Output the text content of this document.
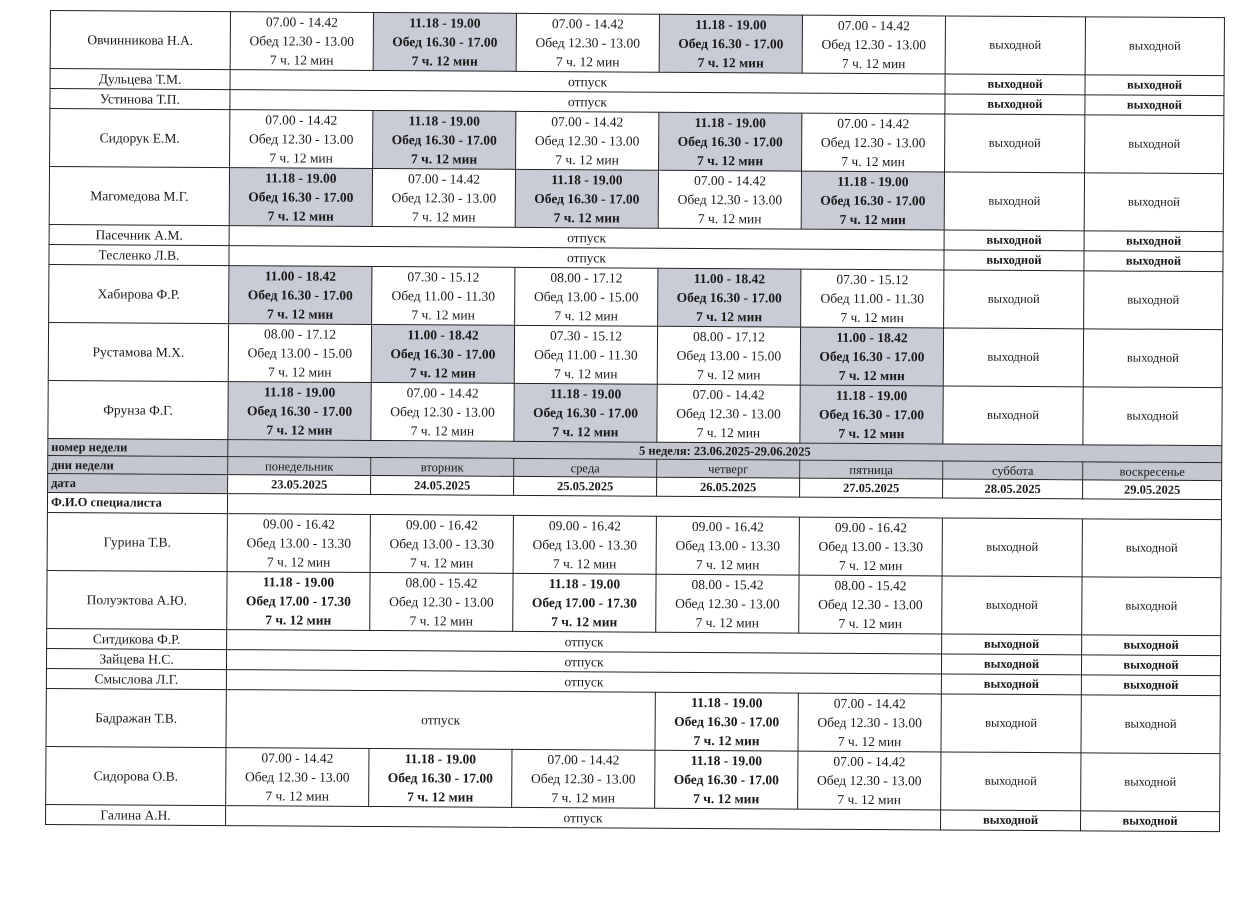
Овчинникова Н.А.	07.00 - 14.42
Обед 12.30 - 13.00
7 ч. 12 мин	11.18 - 19.00
Обед 16.30 - 17.00
7 ч. 12 мин	07.00 - 14.42
Обед 12.30 - 13.00
7 ч. 12 мин	11.18 - 19.00
Обед 16.30 - 17.00
7 ч. 12 мин	07.00 - 14.42
Обед 12.30 - 13.00
7 ч. 12 мин	выходной	выходной
Дульцева Т.М.	отпуск					выходной	выходной
Устинова Т.П.	отпуск					выходной	выходной
Сидорук Е.М.	07.00 - 14.42
Обед 12.30 - 13.00
7 ч. 12 мин	11.18 - 19.00
Обед 16.30 - 17.00
7 ч. 12 мин	07.00 - 14.42
Обед 12.30 - 13.00
7 ч. 12 мин	11.18 - 19.00
Обед 16.30 - 17.00
7 ч. 12 мин	07.00 - 14.42
Обед 12.30 - 13.00
7 ч. 12 мин	выходной	выходной
Магомедова М.Г.	11.18 - 19.00
Обед 16.30 - 17.00
7 ч. 12 мин	07.00 - 14.42
Обед 12.30 - 13.00
7 ч. 12 мин	11.18 - 19.00
Обед 16.30 - 17.00
7 ч. 12 мин	07.00 - 14.42
Обед 12.30 - 13.00
7 ч. 12 мин	11.18 - 19.00
Обед 16.30 - 17.00
7 ч. 12 мин	выходной	выходной
Пасечник А.М.	отпуск					выходной	выходной
Тесленко Л.В.	отпуск					выходной	выходной
Хабирова Ф.Р.	11.00 - 18.42
Обед 16.30 - 17.00
7 ч. 12 мин	07.30 - 15.12
Обед 11.00 - 11.30
7 ч. 12 мин	08.00 - 17.12
Обед 13.00 - 15.00
7 ч. 12 мин	11.00 - 18.42
Обед 16.30 - 17.00
7 ч. 12 мин	07.30 - 15.12
Обед 11.00 - 11.30
7 ч. 12 мин	выходной	выходной
Рустамова М.Х.	08.00 - 17.12
Обед 13.00 - 15.00
7 ч. 12 мин	11.00 - 18.42
Обед 16.30 - 17.00
7 ч. 12 мин	07.30 - 15.12
Обед 11.00 - 11.30
7 ч. 12 мин	08.00 - 17.12
Обед 13.00 - 15.00
7 ч. 12 мин	11.00 - 18.42
Обед 16.30 - 17.00
7 ч. 12 мин	выходной	выходной
Фрунза Ф.Г.	11.18 - 19.00
Обед 16.30 - 17.00
7 ч. 12 мин	07.00 - 14.42
Обед 12.30 - 13.00
7 ч. 12 мин	11.18 - 19.00
Обед 16.30 - 17.00
7 ч. 12 мин	07.00 - 14.42
Обед 12.30 - 13.00
7 ч. 12 мин	11.18 - 19.00
Обед 16.30 - 17.00
7 ч. 12 мин	выходной	выходной
номер недели	5 неделя: 23.06.2025-29.06.2025						
дни недели	понедельник	вторник	среда	четверг	пятница	суббота	воскресенье
дата	23.05.2025	24.05.2025	25.05.2025	26.05.2025	27.05.2025	28.05.2025	29.05.2025
Ф.И.О специалиста							
Гурина Т.В.	09.00 - 16.42
Обед 13.00 - 13.30
7 ч. 12 мин	09.00 - 16.42
Обед 13.00 - 13.30
7 ч. 12 мин	09.00 - 16.42
Обед 13.00 - 13.30
7 ч. 12 мин	09.00 - 16.42
Обед 13.00 - 13.30
7 ч. 12 мин	09.00 - 16.42
Обед 13.00 - 13.30
7 ч. 12 мин	выходной	выходной
Полуэктова А.Ю.	11.18 - 19.00
Обед 17.00 - 17.30
7 ч. 12 мин	08.00 - 15.42
Обед 12.30 - 13.00
7 ч. 12 мин	11.18 - 19.00
Обед 17.00 - 17.30
7 ч. 12 мин	08.00 - 15.42
Обед 12.30 - 13.00
7 ч. 12 мин	08.00 - 15.42
Обед 12.30 - 13.00
7 ч. 12 мин	выходной	выходной
Ситдикова Ф.Р.	отпуск					выходной	выходной
Зайцева Н.С.	отпуск					выходной	выходной
Смыслова Л.Г.	отпуск					выходной	выходной
Бадражан Т.В.	отпуск			11.18 - 19.00
Обед 16.30 - 17.00
7 ч. 12 мин	07.00 - 14.42
Обед 12.30 - 13.00
7 ч. 12 мин	выходной	выходной
Сидорова О.В.	07.00 - 14.42
Обед 12.30 - 13.00
7 ч. 12 мин	11.18 - 19.00
Обед 16.30 - 17.00
7 ч. 12 мин	07.00 - 14.42
Обед 12.30 - 13.00
7 ч. 12 мин	11.18 - 19.00
Обед 16.30 - 17.00
7 ч. 12 мин	07.00 - 14.42
Обед 12.30 - 13.00
7 ч. 12 мин	выходной	выходной
Галина А.Н.	отпуск					выходной	выходной
